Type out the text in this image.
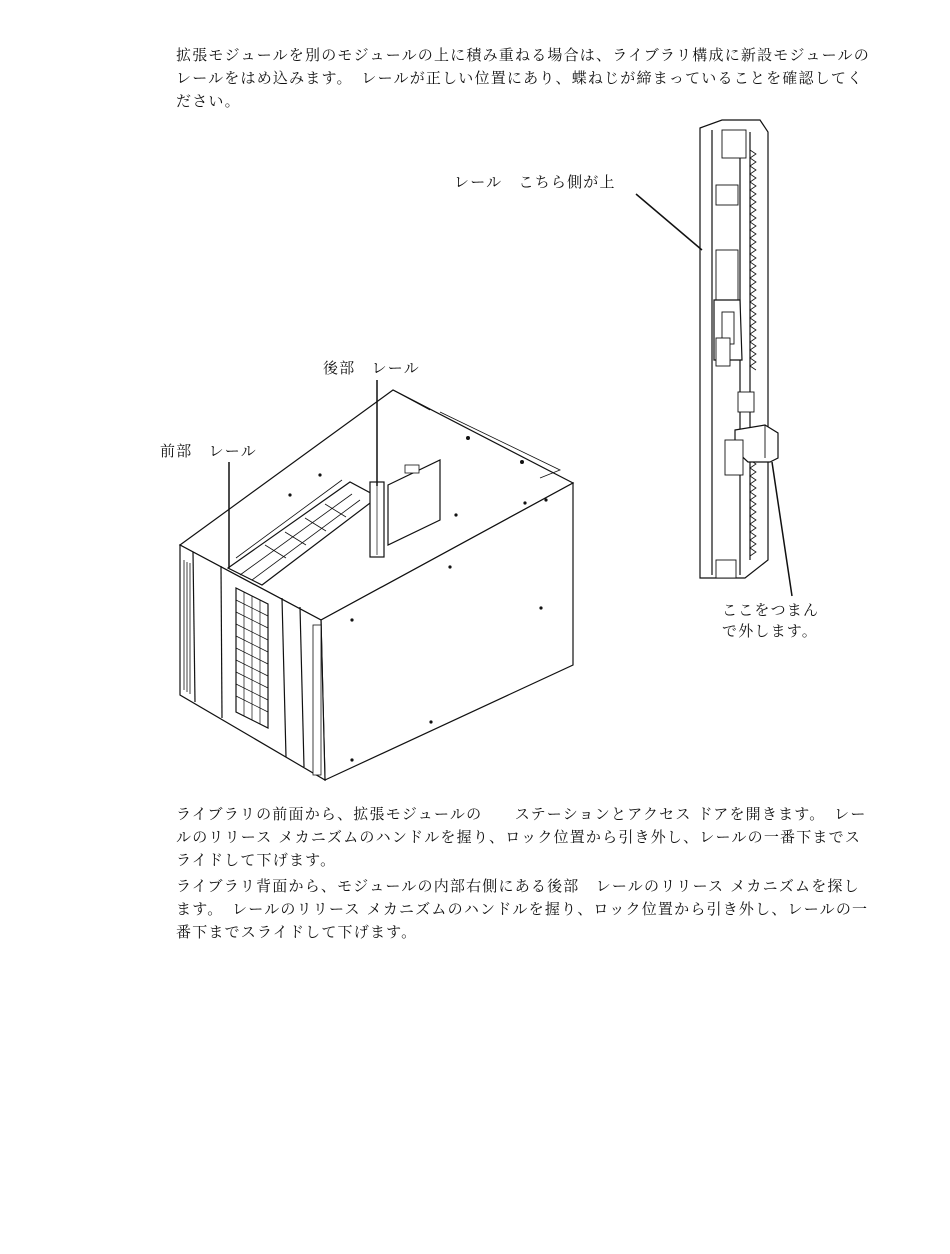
拡張モジュールを別のモジュールの上に積み重ねる場合は、ライブラリ構成に新設モジュールの　 レールをはめ込みます。　レールが正しい位置にあり、蝶ねじが締まっていることを確認してください。

レール　こちら側が上
後部　レール
前部　レール
ここをつまん
で外します。

ライブラリの前面から、拡張モジュールの　　ステーションとアクセス ドアを開きます。　レールのリリース メカニズムのハンドルを握り、ロック位置から引き外し、レールの一番下までスライドして下げます。

ライブラリ背面から、モジュールの内部右側にある後部　レールのリリース メカニズムを探します。　レールのリリース メカニズムのハンドルを握り、ロック位置から引き外し、レールの一番下までスライドして下げます。
